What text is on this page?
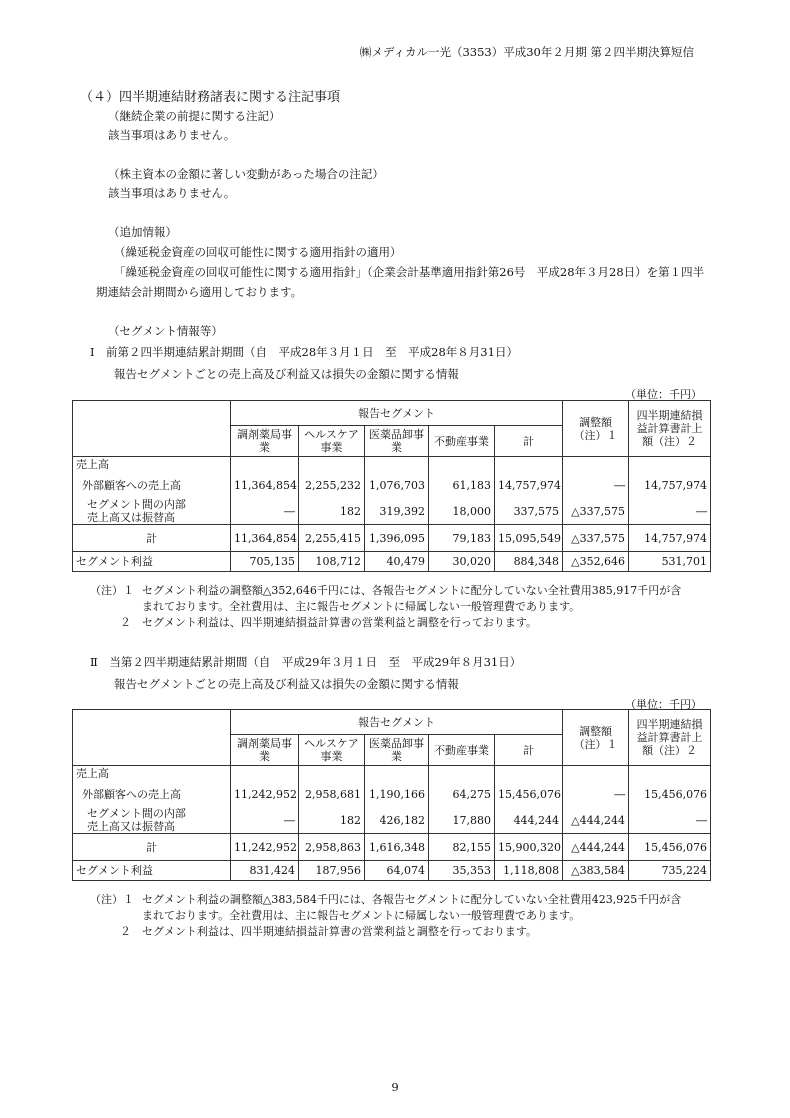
㈱メディカル一光（3353）平成30年２月期 第２四半期決算短信
（４）四半期連結財務諸表に関する注記事項
（継続企業の前提に関する注記）
該当事項はありません。
（株主資本の金額に著しい変動があった場合の注記）
該当事項はありません。
（追加情報）
（繰延税金資産の回収可能性に関する適用指針の適用）
「繰延税金資産の回収可能性に関する適用指針」（企業会計基準適用指針第26号　平成28年３月28日）を第１四半
期連結会計期間から適用しております。
（セグメント情報等）
Ⅰ　前第２四半期連結累計期間（自　平成28年３月１日　至　平成28年８月31日）
報告セグメントごとの売上高及び利益又は損失の金額に関する情報
（単位：千円）
	報告セグメント					調整額（注）１	四半期連結損益計算書計上額（注）２
	調剤薬局事業	ヘルスケア事業	医薬品卸事業	不動産事業	計		
売上高							
外部顧客への売上高	11,364,854	2,255,232	1,076,703	61,183	14,757,974	―	14,757,974
セグメント間の内部
売上高又は振替高	―	182	319,392	18,000	337,575	△337,575	―
計	11,364,854	2,255,415	1,396,095	79,183	15,095,549	△337,575	14,757,974
セグメント利益	705,135	108,712	40,479	30,020	884,348	△352,646	531,701
（注）１ セグメント利益の調整額△352,646千円には、各報告セグメントに配分していない全社費用385,917千円が含
まれております。全社費用は、主に報告セグメントに帰属しない一般管理費であります。
２ セグメント利益は、四半期連結損益計算書の営業利益と調整を行っております。
Ⅱ　当第２四半期連結累計期間（自　平成29年３月１日　至　平成29年８月31日）
報告セグメントごとの売上高及び利益又は損失の金額に関する情報
（単位：千円）
	報告セグメント					調整額（注）１	四半期連結損益計算書計上額（注）２
	調剤薬局事業	ヘルスケア事業	医薬品卸事業	不動産事業	計		
売上高							
外部顧客への売上高	11,242,952	2,958,681	1,190,166	64,275	15,456,076	―	15,456,076
セグメント間の内部
売上高又は振替高	―	182	426,182	17,880	444,244	△444,244	―
計	11,242,952	2,958,863	1,616,348	82,155	15,900,320	△444,244	15,456,076
セグメント利益	831,424	187,956	64,074	35,353	1,118,808	△383,584	735,224
（注）１ セグメント利益の調整額△383,584千円には、各報告セグメントに配分していない全社費用423,925千円が含
まれております。全社費用は、主に報告セグメントに帰属しない一般管理費であります。
２ セグメント利益は、四半期連結損益計算書の営業利益と調整を行っております。
9
